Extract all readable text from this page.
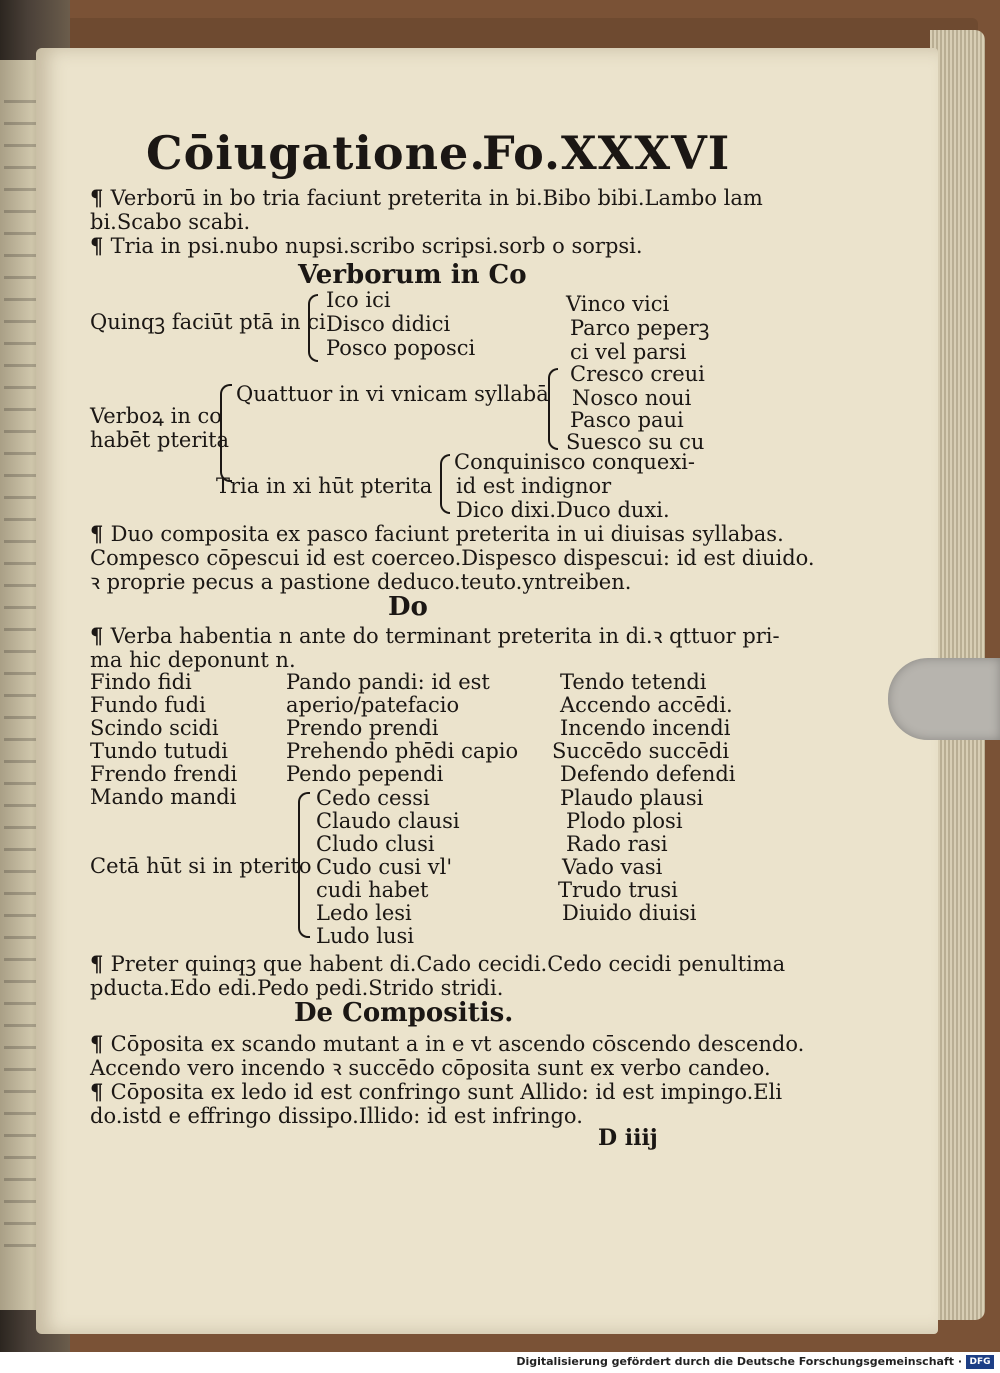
Cōiugatione.
Fo.XXXVI
¶ Verborū in bo tria faciunt preterita in bi.Bibo bibi.Lambo lam
bi.Scabo scabi.
¶ Tria in psi.nubo nupsi.scribo scripsi.sorb o sorpsi.
Verborum in Co
Quinqꝫ faciūt ptā in ci
Ico ici
Disco didici
Posco poposci
Vinco vici
Parco peperꝫ
ci vel parsi
Cresco creui
Quattuor in vi vnicam syllabā Nosco noui
Verboꝝ in co	Pasco paui
habēt pterita	Suesco su cu
Conquinisco conquexi-
Tria in xi hūt pterita id est indignor
Dico dixi.Duco duxi.
¶ Duo composita ex pasco faciunt preterita in ui diuisas syllabas.
Compesco cōpescui id est coerceo.Dispesco dispescui: id est diuido.
ꝛ proprie pecus a pastione deduco.teuto.yntreiben.
Do
¶ Verba habentia n ante do terminant preterita in di.ꝛ qttuor pri-
ma hic deponunt n.
Findo fidi
Fundo fudi
Scindo scidi
Tundo tutudi
Frendo frendi
Mando mandi
Pando pandi: id est
aperio/patefacio
Prendo prendi
Prehendo phēdi capio
Pendo pependi
Cedo cessi
Claudo clausi
Cludo clusi
Cudo cusi vl'
cudi habet
Ledo lesi
Ludo lusi
Cetā hūt si in pterito
Tendo tetendi
Accendo accēdi.
Incendo incendi
Succēdo succēdi
Defendo defendi
Plaudo plausi
Plodo plosi
Rado rasi
Vado vasi
Trudo trusi
Diuido diuisi
¶ Preter quinqꝫ que habent di.Cado cecidi.Cedo cecidi penultima
pducta.Edo edi.Pedo pedi.Strido stridi.
De Compositis.
¶ Cōposita ex scando mutant a in e vt ascendo cōscendo descendo.
Accendo vero incendo ꝛ succēdo cōposita sunt ex verbo candeo.
¶ Cōposita ex ledo id est confringo sunt Allido: id est impingo.Eli
do.istd e effringo dissipo.Illido: id est infringo.
D iiij
Digitalisierung gefördert durch die Deutsche Forschungsgemeinschaft · DFG
